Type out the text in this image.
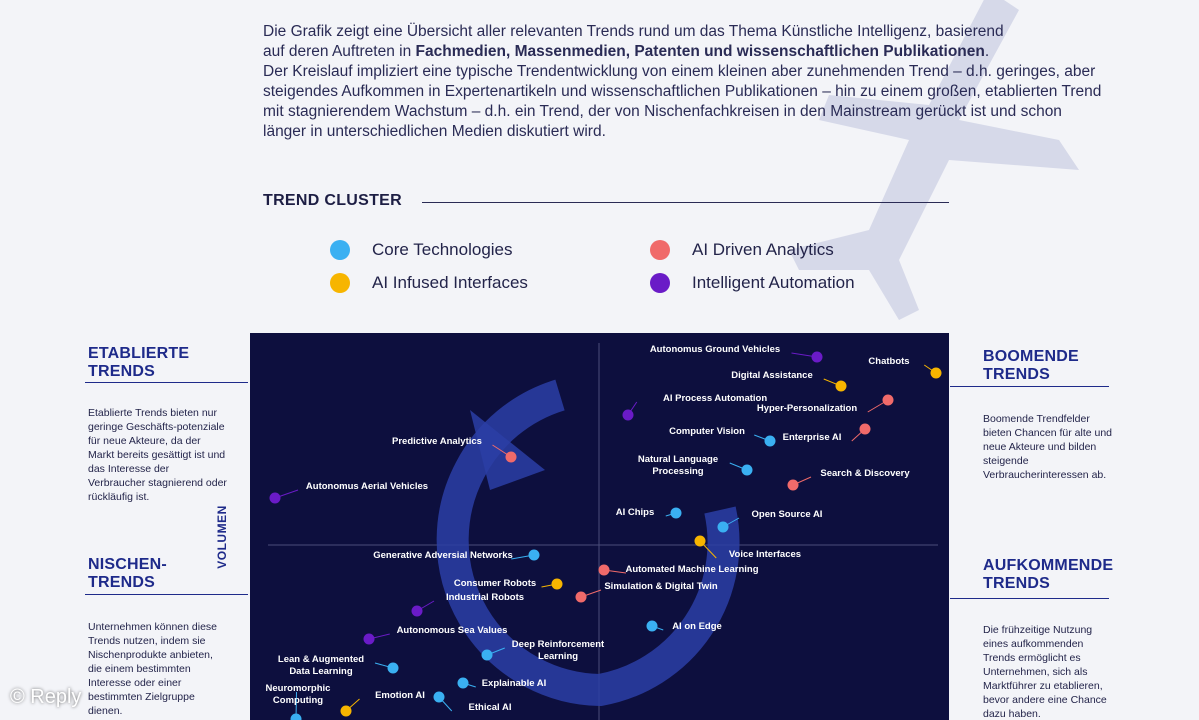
Die Grafik zeigt eine Übersicht aller relevanten Trends rund um das Thema Künstliche Intelligenz, basierend

auf deren Auftreten in Fachmedien, Massenmedien, Patenten und wissenschaftlichen Publikationen.

Der Kreislauf impliziert eine typische Trendentwicklung von einem kleinen aber zunehmenden Trend – d.h. geringes, aber steigendes Aufkommen in Expertenartikeln und wissenschaftlichen Publikationen – hin zu einem großen, etablierten Trend mit stagnierendem Wachstum – d.h. ein Trend, der von Nischenfachkreisen in den Mainstream gerückt ist und schon länger in unterschiedlichen Medien diskutiert wird.

TREND CLUSTER
Core Technologies	AI Driven Analytics
AI Infused Interfaces	Intelligent Automation
ETABLIERTE
TRENDS
Etablierte Trends bieten nur geringe Geschäfts-potenziale für neue Akteure, da der Markt bereits gesättigt ist und das Interesse der Verbraucher stagnierend oder rückläufig ist.
NISCHEN-
TRENDS
Unternehmen können diese Trends nutzen, indem sie Nischenprodukte anbieten, die einem bestimmten Interesse oder einer bestimmten Zielgruppe dienen.
BOOMENDE
TRENDS
Boomende Trendfelder bieten Chancen für alte und neue Akteure und bilden steigende Verbraucherinteressen ab.
AUFKOMMENDE
TRENDS
Die frühzeitige Nutzung eines aufkommenden Trends ermöglicht es Unternehmen, sich als Marktführer zu etablieren, bevor andere eine Chance dazu haben.
VOLUMEN
Autonomus Ground Vehicles
Chatbots
Digital Assistance
AI Process Automation
Hyper-Personalization
Computer Vision
Enterprise AI
Predictive Analytics
Natural Language
Processing	Search & Discovery
Autonomus Aerial Vehicles
AI Chips	Open Source AI
Voice Interfaces
Generative Adversial Networks
Automated Machine Learning
Consumer Robots	Simulation & Digital Twin
Industrial Robots
AI on Edge
Autonomous Sea Values
Deep Reinforcement
Learning
Lean & Augmented
Data Learning
Explainable AI
Neuromorphic
Computing	Emotion AI
Ethical AI
© Reply
